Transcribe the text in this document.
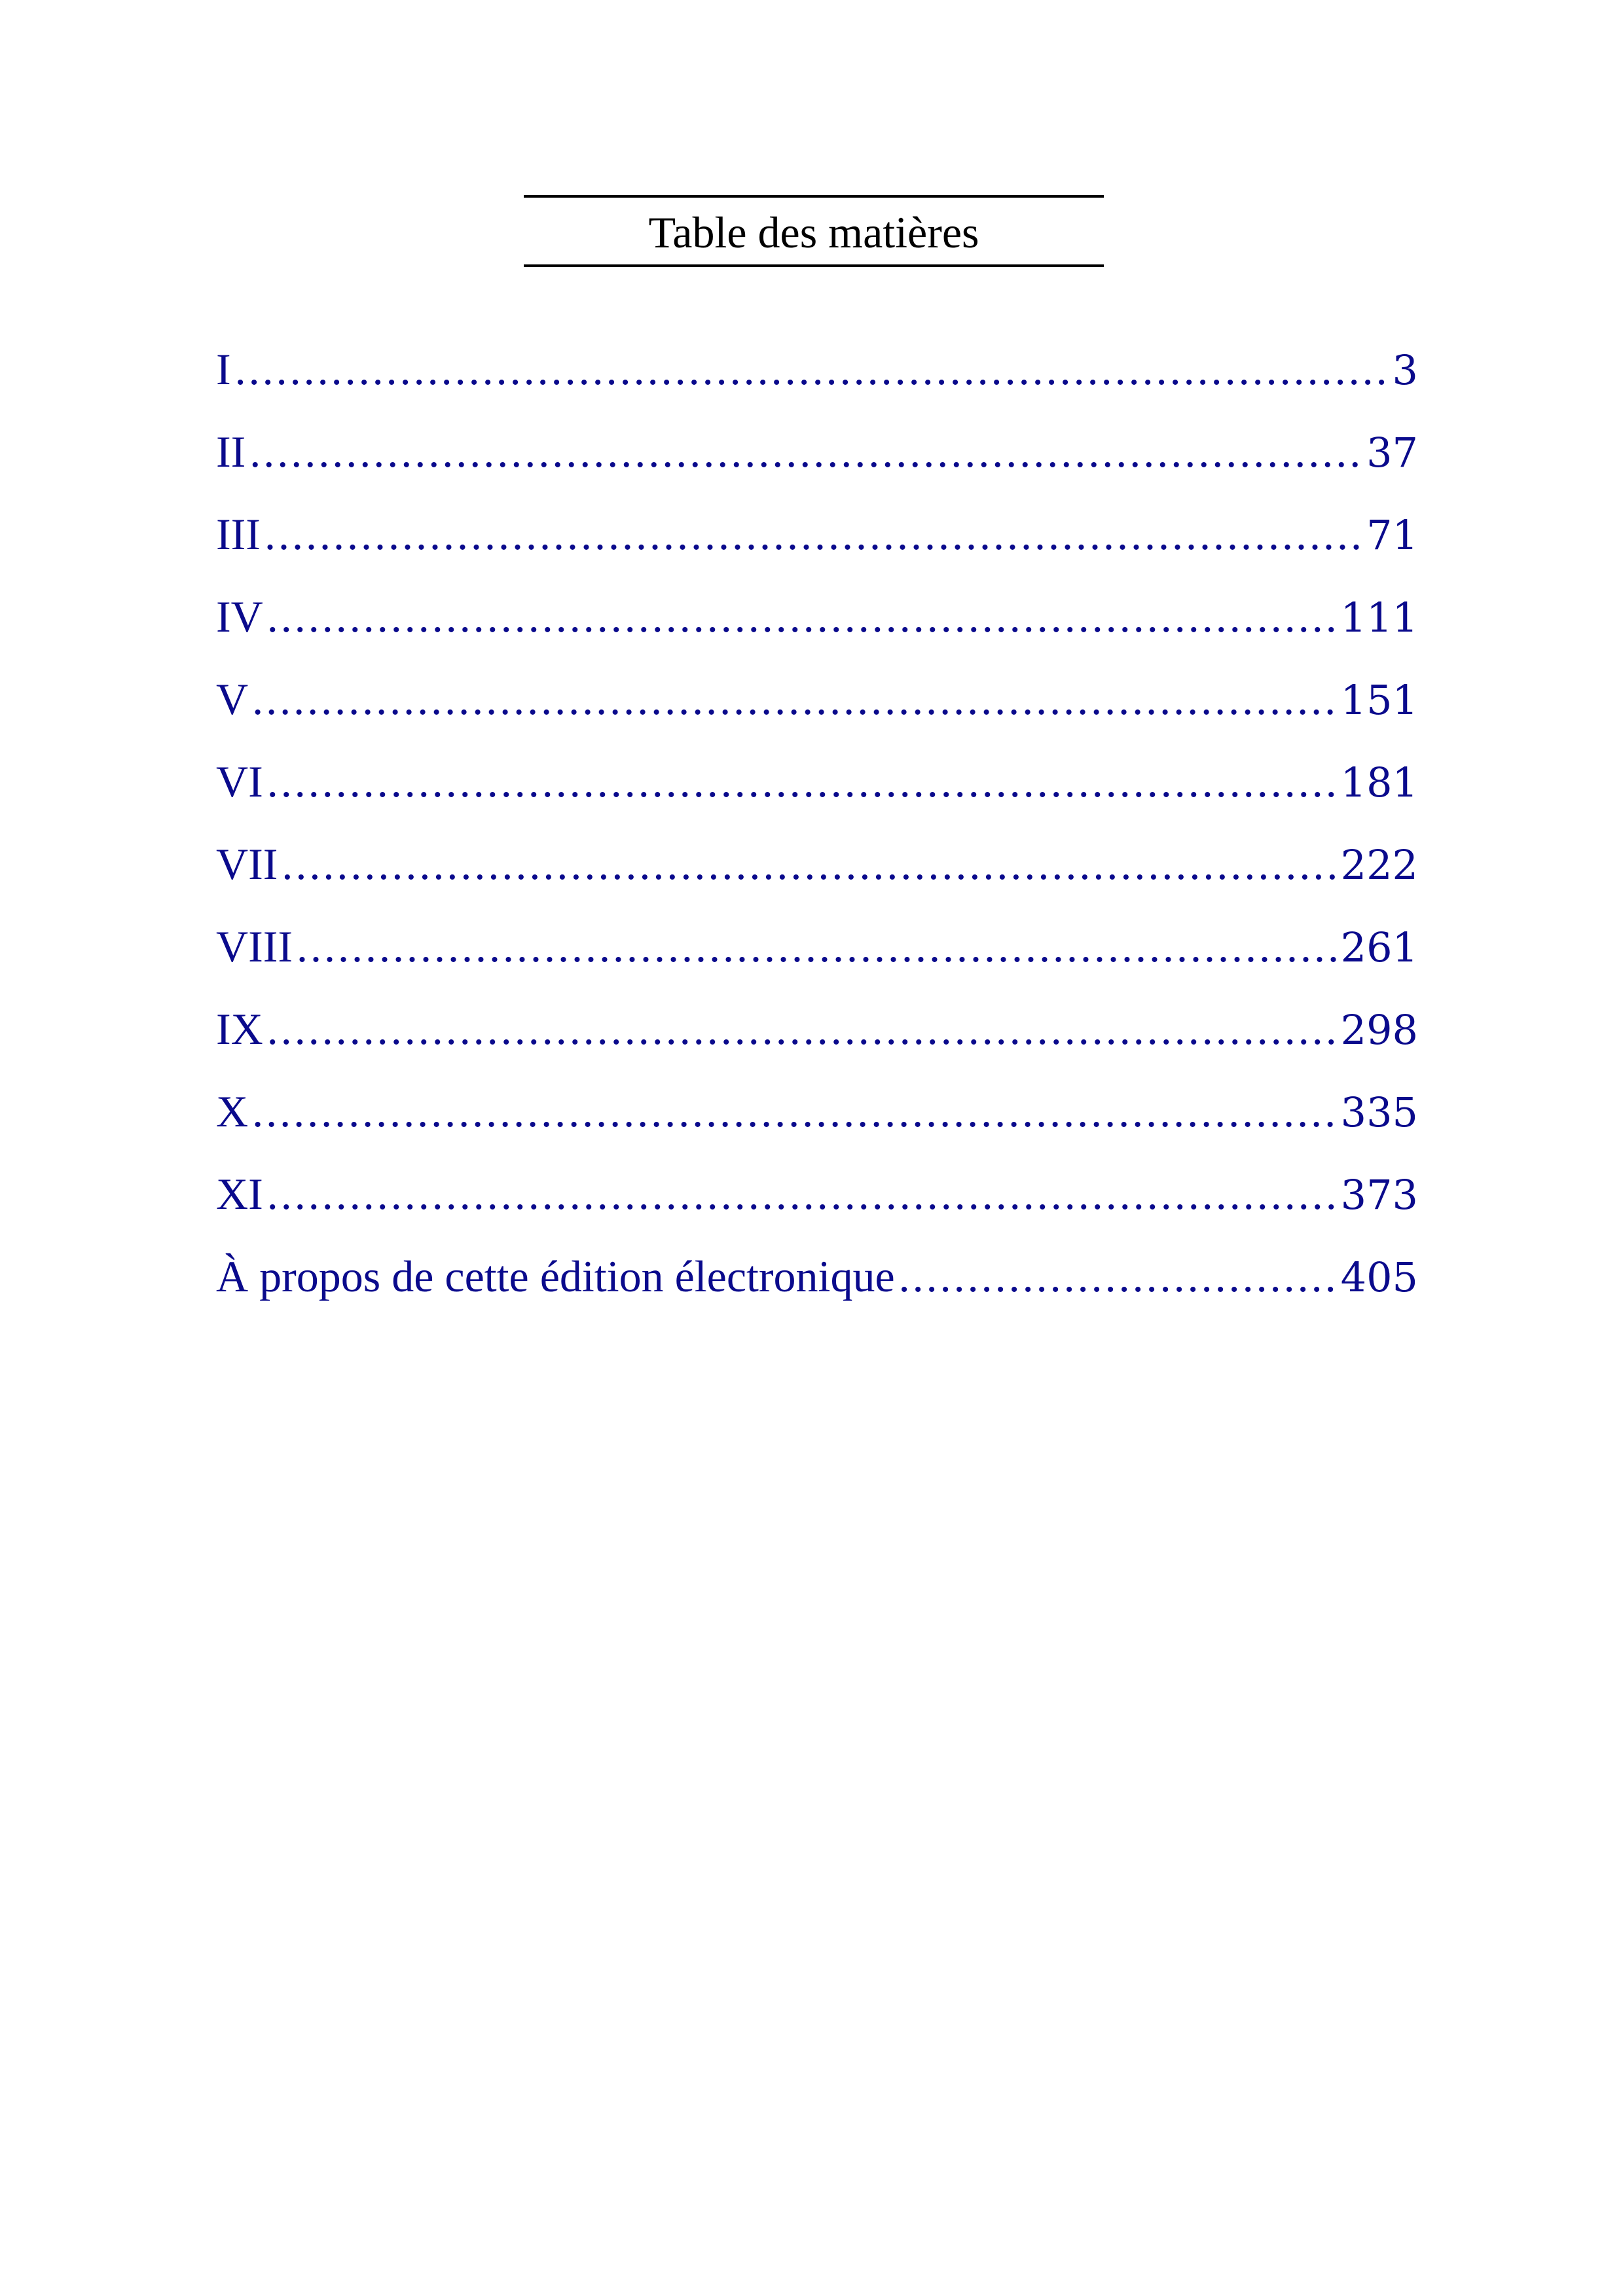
Table des matières
I .....	3
II .....	37
III .....	71
IV .....	111
V .....	151
VI .....	181
VII .....	222
VIII .....	261
IX .....	298
X .....	335
XI .....	373
À propos de cette édition électronique .....	405
